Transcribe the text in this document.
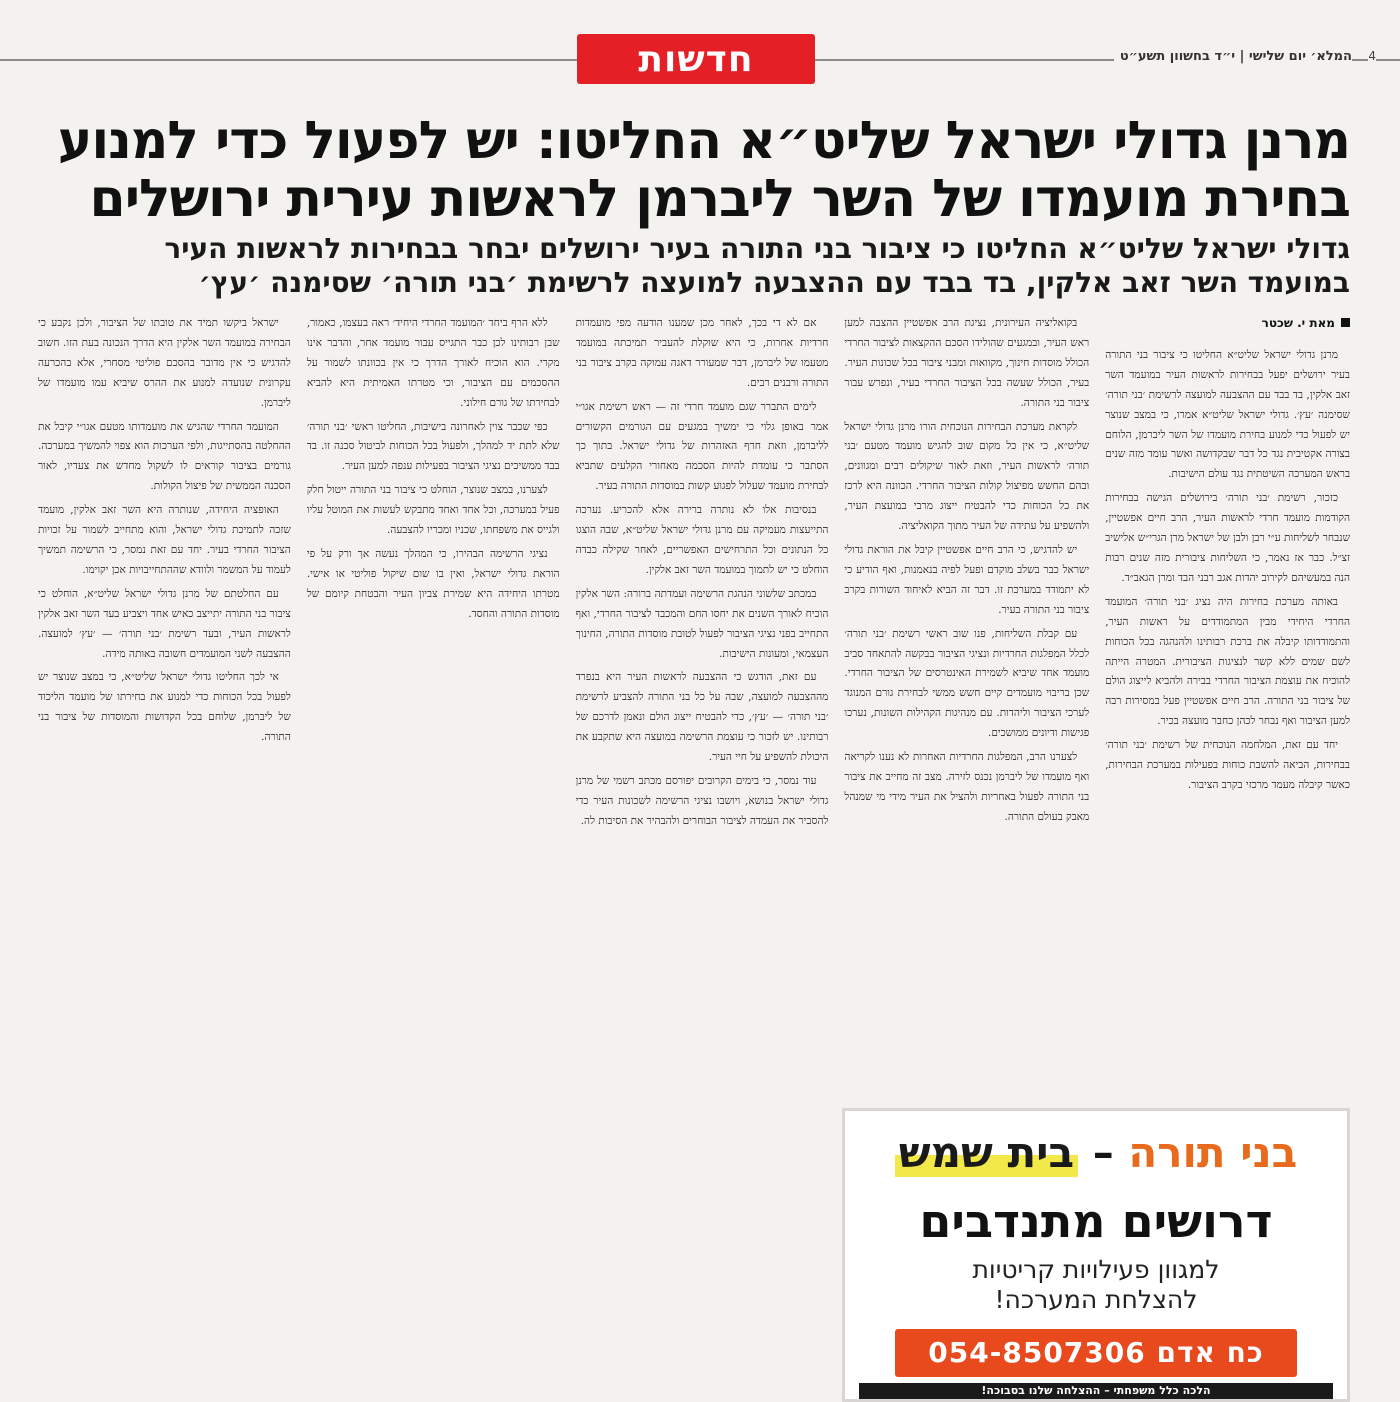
חדשות	המלא׳ יום שלישי | י״ד בחשוון תשע״ט 4
מרנן גדולי ישראל שליט״א החליטו: יש לפעול כדי למנוע
בחירת מועמדו של השר ליברמן לראשות עירית ירושלים
גדולי ישראל שליט״א החליטו כי ציבור בני התורה בעיר ירושלים יבחר בבחירות לראשות העיר
במועמד השר זאב אלקין, בד בבד עם ההצבעה למועצה לרשימת ׳בני תורה׳ שסימנה ׳עץ׳
מאת י. שכטר

מרנן גדולי ישראל שליט״א החליטו כי ציבור בני התורה בעיר ירושלים יפעל בבחירות לראשות העיר במועמד השר זאב אלקין, בד בבד עם ההצבעה למועצה לרשימת ׳בני תורה׳ שסימנה ׳עץ׳. גדולי ישראל שליט״א אמרו, כי במצב שנוצר יש לפעול כדי למנוע בחירת מועמדו של השר ליברמן, הלוחם בצורה אקטיבית נגד כל דבר שבקדושה ואשר עומד מזה שנים בראש המערכה השיטתית נגד עולם הישיבות.

כזכור, רשימת ׳בני תורה׳ בירושלים הגישה בבחירות הקודמות מועמד חרדי לראשות העיר, הרב חיים אפשטיין, שנבחר לשליחות ע״י רבן ולבן של ישראל מרן הגרי״ש אלישיב זצ״ל. כבר אז נאמר, כי השליחות ציבורית מזה שנים רבות הנה במעשיהם לקירוב יהדות אגב רבני הבד ומרן הגאב״ד.

באותה מערכת בחירות היה נציג ׳בני תורה׳ המועמד החרדי היחידי מבין המתמודדים על ראשות העיר, והתמודדותו קיבלה את ברכת רבותינו ולהנהגה בכל הכוחות לשם שמים ללא קשר לנציגות הציבורית. המטרה הייתה להוכיח את עוצמת הציבור החרדי בבירה ולהביא לייצוג הולם של ציבור בני התורה. הרב חיים אפשטיין פעל במסירות רבה למען הציבור ואף נבחר לכהן כחבר מועצה בכיר.

יחד עם זאת, המלחמה הנוכחית של רשימת ׳בני תורה׳ בבחירות, הביאה להשבת כוחות בפעילות במערכת הבחירות, כאשר קיבלה מעמד מרכזי בקרב הציבור.

בקואליציה העירונית, נציגת הרב אפשטיין ההצבה למען ראש העיר, ובמגעים שהולידו הסכם ההקצאות לציבור החרדי הכולל מוסדות חינוך, מקוואות ומבני ציבור בכל שכונות העיר. בעיר, הכולל שעשה בכל הציבור החרדי בעיר, ונפרש עבור ציבור בני התורה.

לקראת מערכת הבחירות הנוכחית הורו מרנן גדולי ישראל שליט״א, כי אין כל מקום שוב להגיש מועמד מטעם ׳בני תורה׳ לראשות העיר, וזאת לאור שיקולים רבים ומגוונים, ובהם החשש מפיצול קולות הציבור החרדי. הכוונה היא לרכז את כל הכוחות כדי להבטיח ייצוג מרבי במועצת העיר, ולהשפיע על עתידה של העיר מתוך הקואליציה.

יש להדגיש, כי הרב חיים אפשטיין קיבל את הוראת גדולי ישראל כבר בשלב מוקדם ופעל לפיה בנאמנות, ואף הודיע כי לא יתמודד במערכת זו. דבר זה הביא לאיחוד השורות בקרב ציבור בני התורה בעיר.

עם קבלת השליחות, פנו שוב ראשי רשימת ׳בני תורה׳ לכלל המפלגות החרדיות ונציגי הציבור בבקשה להתאחד סביב מועמד אחד שיביא לשמירת האינטרסים של הציבור החרדי. שכן בריבוי מועמדים קיים חשש ממשי לבחירת גורם המנוגד לערכי הציבור וליהדות. עם מנהיגות הקהילות השונות, נערכו פגישות ודיונים ממושכים.

לצערנו הרב, המפלגות החרדיות האחרות לא נענו לקריאה ואף מועמדו של ליברמן נכנס לזירה. מצב זה מחייב את ציבור בני התורה לפעול באחריות ולהציל את העיר מידי מי שמנהל מאבק בעולם התורה.

אם לא די בכך, לאחר מכן שמענו הודעה מפי מועמדות חרדיות אחרות, כי היא שוקלת להעביר תמיכתה במועמד מטעמו של ליברמן, דבר שמעורר דאגה עמוקה בקרב ציבור בני התורה ורבנים רבים.

לימים התברר שגם מועמד חרדי זה — ראש רשימת אגו״י אמר באופן גלוי כי ימשיך במגעים עם הגורמים הקשורים לליברמן, וזאת חרף האזהרות של גדולי ישראל. בתוך כך הסתבר כי עומדת להיות הסכמה מאחורי הקלעים שתביא לבחירת מועמד שעלול לפגוע קשות במוסדות התורה בעיר.

בנסיבות אלו לא נותרה ברירה אלא להכריע. נערכה התייעצות מעמיקה עם מרנן גדולי ישראל שליט״א, שבה הוצגו כל הנתונים וכל התרחישים האפשריים, לאחר שקילה כבדה הוחלט כי יש לתמוך במועמד השר זאב אלקין.

במכתב שלשוני הנהגת הרשימה ועמדתה ברורה: השר אלקין הוכיח לאורך השנים את יחסו החם והמכבד לציבור החרדי, ואף התחייב בפני נציגי הציבור לפעול לטובת מוסדות התורה, החינוך העצמאי, ומעונות הישיבות.

עם זאת, הודגש כי ההצבעה לראשות העיר היא בנפרד מההצבעה למועצה, שבה על כל בני התורה להצביע לרשימת ׳בני תורה׳ — ׳עץ׳, כדי להבטיח ייצוג הולם ונאמן לדרכם של רבותינו. יש לזכור כי עוצמת הרשימה במועצה היא שתקבע את היכולת להשפיע על חיי העיר.

עוד נמסר, כי בימים הקרובים יפורסם מכתב רשמי של מרנן גדולי ישראל בנושא, ויושבו נציגי הרשימה לשכונות העיר כדי להסביר את העמדה לציבור הבוחרים ולהבהיר את הסיבות לה.

ללא הרף ביחד ׳המועמד החרדי היחיד׳ ראה בעצמו, כאמור, שבן רבותינו לכן כבר התגייס עבור מועמד אחר, והדבר אינו מקרי. הוא הוכיח לאורך הדרך כי אין בכוונתו לשמור על ההסכמים עם הציבור, וכי מטרתו האמיתית היא להביא לבחירתו של גורם חילוני.

כפי שכבר צוין לאחרונה בישיבות, החליטו ראשי ׳בני תורה׳ שלא לתת יד למהלך, ולפעול בכל הכוחות לביטול סכנה זו. בד בבד ממשיכים נציגי הציבור בפעילות ענפה למען העיר.

לצערנו, במצב שנוצר, הוחלט כי ציבור בני התורה ייטול חלק פעיל במערכה, וכל אחד ואחד מתבקש לעשות את המוטל עליו ולגייס את משפחתו, שכניו ומכריו להצבעה.

נציגי הרשימה הבהירו, כי המהלך נעשה אך ורק על פי הוראת גדולי ישראל, ואין בו שום שיקול פוליטי או אישי. מטרתו היחידה היא שמירת צביון העיר והבטחת קיומם של מוסדות התורה והחסד.

ישראל ביקשו תמיד את טובתו של הציבור, ולכן נקבע כי הבחירה במועמד השר אלקין היא הדרך הנכונה בעת הזו. חשוב להדגיש כי אין מדובר בהסכם פוליטי מסחרי, אלא בהכרעה עקרונית שנועדה למנוע את ההרס שיביא עמו מועמדו של ליברמן.

המועמד החרדי שהגיש את מועמדותו מטעם אגו״י קיבל את ההחלטה בהסתייגות, ולפי הערכות הוא צפוי להמשיך במערכה. גורמים בציבור קוראים לו לשקול מחדש את צעדיו, לאור הסכנה הממשית של פיצול הקולות.

האופציה היחידה, שנותרה היא השר זאב אלקין, מועמד שזכה לתמיכת גדולי ישראל, והוא מתחייב לשמור על זכויות הציבור החרדי בעיר. יחד עם זאת נמסר, כי הרשימה תמשיך לעמוד על המשמר ולוודא שההתחייבויות אכן יקוימו.

עם החלטתם של מרנן גדולי ישראל שליט״א, הוחלט כי ציבור בני התורה יתייצב כאיש אחד ויצביע בעד השר זאב אלקין לראשות העיר, ובעד רשימת ׳בני תורה׳ — ׳עץ׳ למועצה. ההצבעה לשני המועמדים חשובה באותה מידה.

אי לכך החליטו גדולי ישראל שליט״א, כי במצב שנוצר יש לפעול בכל הכוחות כדי למנוע את בחירתו של מועמד הליכוד של ליברמן, שלוחם בכל הקדושות והמוסדות של ציבור בני התורה.

בני תורה – בית שמש
דרושים מתנדבים
למגוון פעילויות קריטיות
להצלחת המערכה!
כח אדם 054-8507306
הלכה כלל משפחתי – ההצלחה שלנו בסבוכה!
